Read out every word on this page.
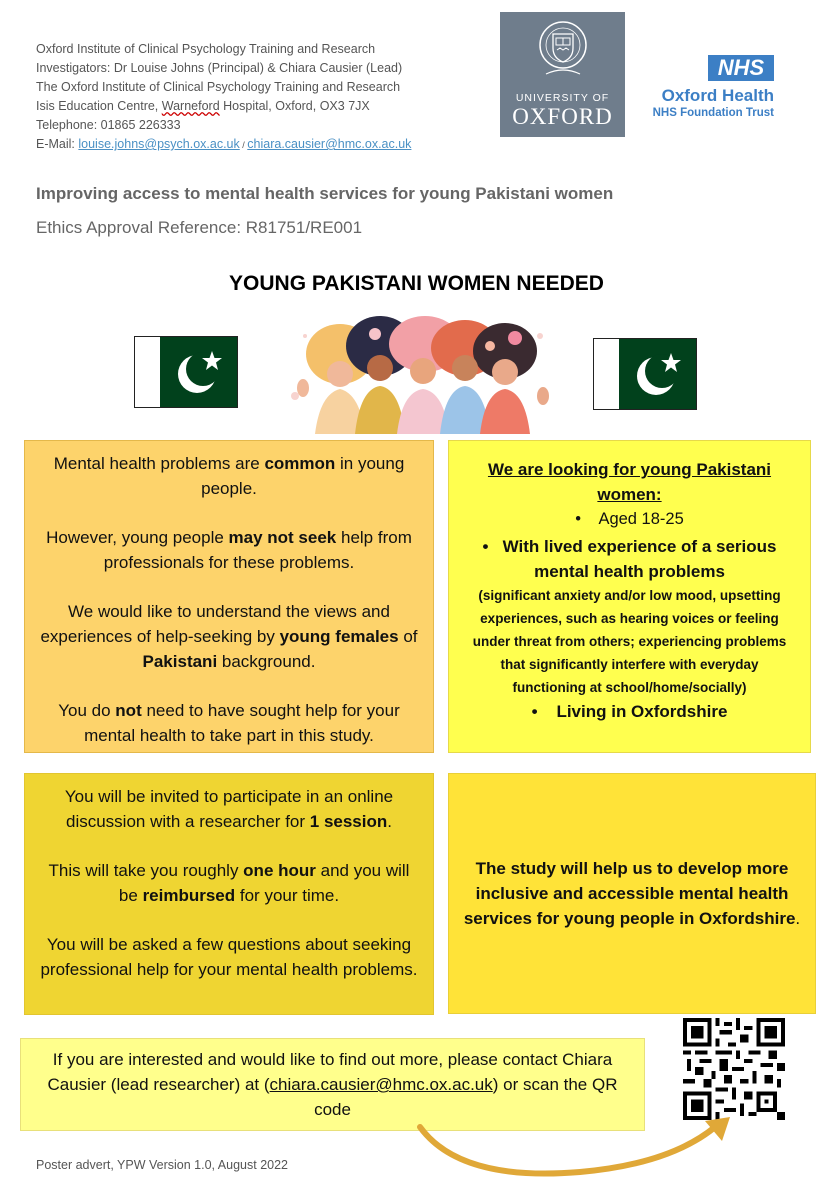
Oxford Institute of Clinical Psychology Training and Research
Investigators: Dr Louise Johns (Principal) & Chiara Causier (Lead)
The Oxford Institute of Clinical Psychology Training and Research
Isis Education Centre, Warneford Hospital, Oxford, OX3 7JX
Telephone: 01865 226333
E-Mail: louise.johns@psych.ox.ac.uk / chiara.causier@hmc.ox.ac.uk
UNIVERSITY OF
OXFORD
NHS
Oxford Health
NHS Foundation Trust
Improving access to mental health services for young Pakistani women
Ethics Approval Reference: R81751/RE001
YOUNG PAKISTANI WOMEN NEEDED

Mental health problems are common in young people.

However, young people may not seek help from professionals for these problems.

We would like to understand the views and experiences of help-seeking by young females of Pakistani background.

You do not need to have sought help for your mental health to take part in this study.

We are looking for young Pakistani women:
•    Aged 18-25
•   With lived experience of a serious mental health problems
(significant anxiety and/or low mood, upsetting experiences, such as hearing voices or feeling under threat from others; experiencing problems that significantly interfere with everyday functioning at school/home/socially)
•    Living in Oxfordshire

You will be invited to participate in an online discussion with a researcher for 1 session.

This will take you roughly one hour and you will be reimbursed for your time.

You will be asked a few questions about seeking professional help for your mental health problems.

The study will help us to develop more inclusive and accessible mental health services for young people in Oxfordshire.

If you are interested and would like to find out more, please contact Chiara Causier (lead researcher) at (chiara.causier@hmc.ox.ac.uk) or scan the QR code

Poster advert, YPW Version 1.0, August 2022
